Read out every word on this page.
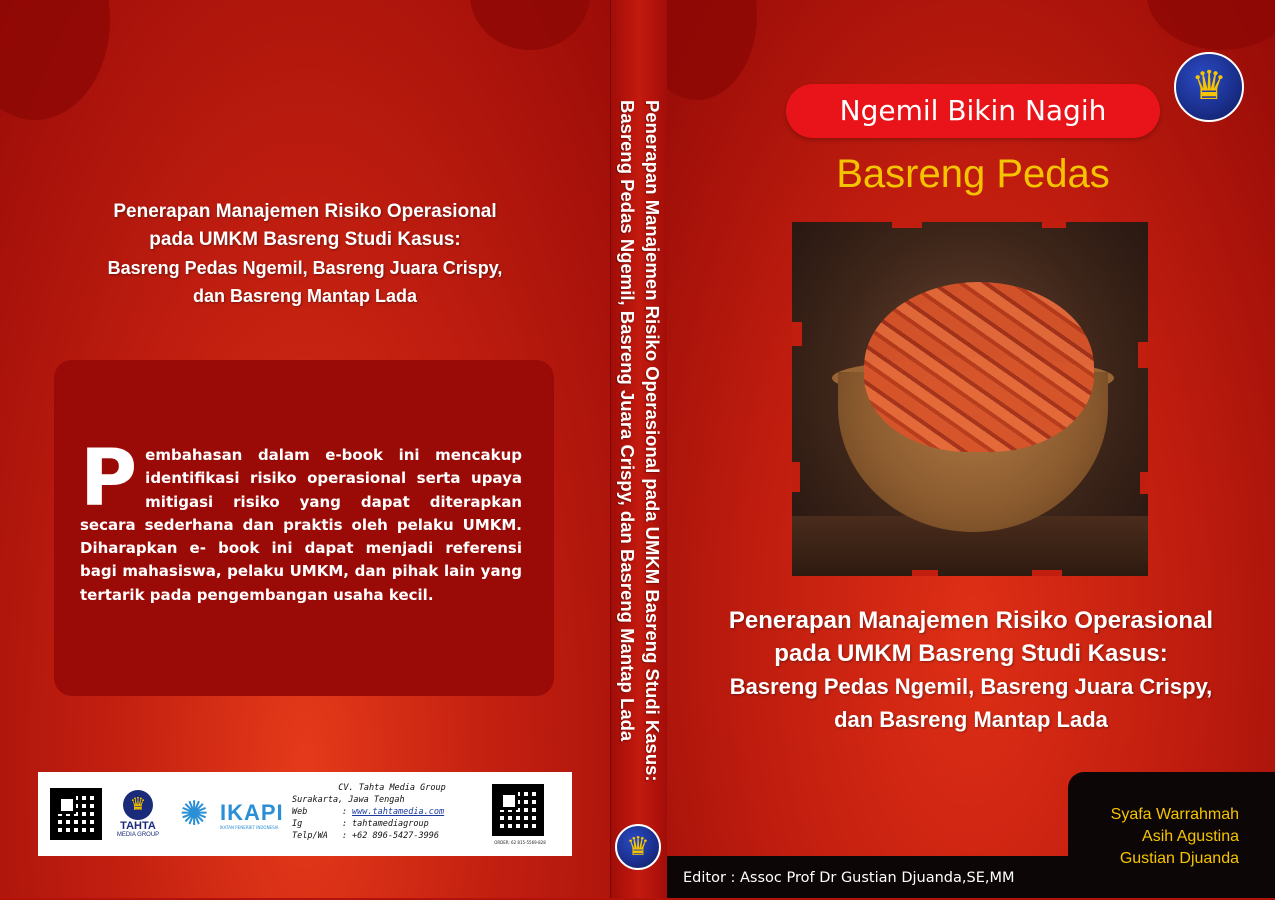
Penerapan Manajemen Risiko Operasional
pada UMKM Basreng Studi Kasus:
Basreng Pedas Ngemil, Basreng Juara Crispy,
dan Basreng Mantap Lada
Pembahasan dalam e-book ini mencakup identifikasi risiko operasional serta upaya mitigasi risiko yang dapat diterapkan secara sederhana dan praktis oleh pelaku UMKM. Diharapkan e- book ini dapat menjadi referensi bagi mahasiswa, pelaku UMKM, dan pihak lain yang tertarik pada pengembangan usaha kecil.
♛
TAHTA
MEDIA GROUP
✺ IKAPI
IKATAN PENERBIT INDONESIA
CV. Tahta Media Group
Surakarta, Jawa Tengah
Web	: www.tahtamedia.com
Ig	: tahtamediagroup
Telp/WA	: +62 896-5427-3996
ORDER: 62 815-5569-828
Penerapan Manajemen Risiko Operasional pada UMKM Basreng Studi Kasus:
Basreng Pedas Ngemil, Basreng Juara Crispy, dan Basreng Mantap Lada
♛
♛
Ngemil Bikin Nagih
Basreng Pedas
Penerapan Manajemen Risiko Operasional
pada UMKM Basreng Studi Kasus:
Basreng Pedas Ngemil, Basreng Juara Crispy,
dan Basreng Mantap Lada
Syafa Warrahmah
Asih Agustina
Gustian Djuanda
Editor : Assoc Prof Dr Gustian Djuanda,SE,MM
